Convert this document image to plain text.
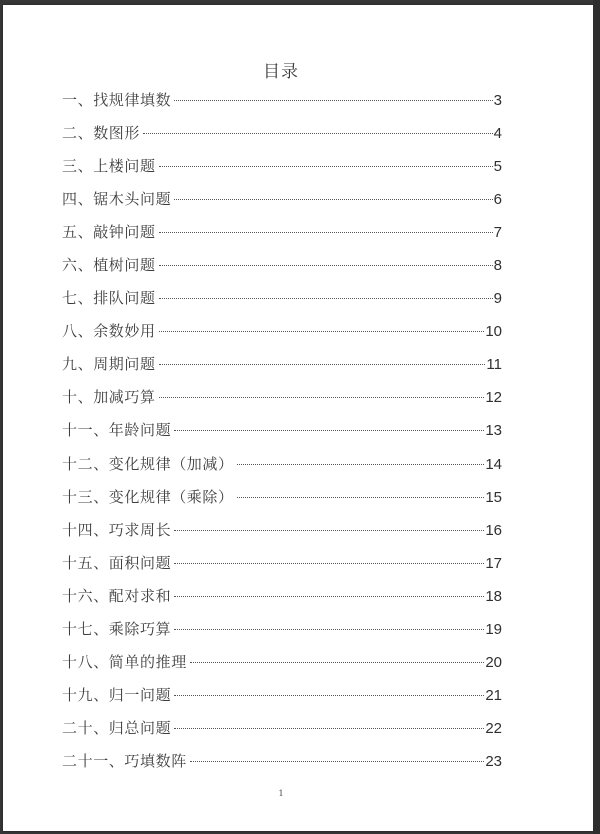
目录
一、找规律填数	3
二、数图形	4
三、上楼问题	5
四、锯木头问题	6
五、敲钟问题	7
六、植树问题	8
七、排队问题	9
八、余数妙用	10
九、周期问题	11
十、加减巧算	12
十一、年龄问题	13
十二、变化规律（加减）	14
十三、变化规律（乘除）	15
十四、巧求周长	16
十五、面积问题	17
十六、配对求和	18
十七、乘除巧算	19
十八、简单的推理	20
十九、归一问题	21
二十、归总问题	22
二十一、巧填数阵	23
1
